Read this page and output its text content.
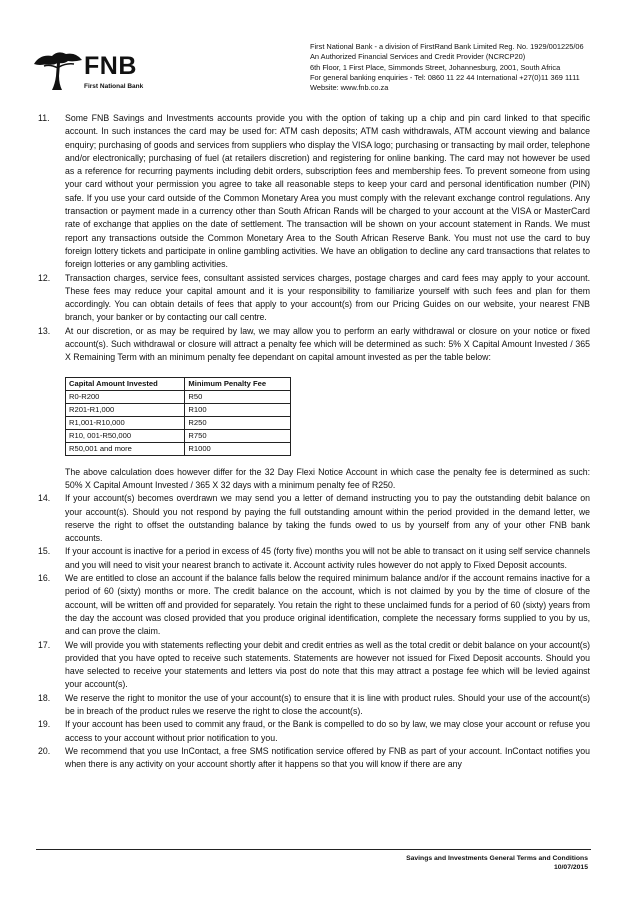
FNB
First National Bank
First National Bank - a division of FirstRand Bank Limited Reg. No. 1929/001225/06
An Authorized Financial Services and Credit Provider (NCRCP20)
6th Floor, 1 First Place, Simmonds Street, Johannesburg, 2001, South Africa
For general banking enquiries - Tel: 0860 11 22 44 International +27(0)11 369 1111
Website: www.fnb.co.za
11.	Some FNB Savings and Investments accounts provide you with the option of taking up a chip and pin card linked to that specific account. In such instances the card may be used for: ATM cash deposits; ATM cash withdrawals, ATM account viewing and balance enquiry; purchasing of goods and services from suppliers who display the VISA logo; purchasing or transacting by mail order, telephone and/or electronically; purchasing of fuel (at retailers discretion) and registering for online banking. The card may not however be used as a reference for recurring payments including debit orders, subscription fees and membership fees. To prevent someone from using your card without your permission you agree to take all reasonable steps to keep your card and personal identification number (PIN) safe. If you use your card outside of the Common Monetary Area you must comply with the relevant exchange control regulations. Any transaction or payment made in a currency other than South African Rands will be charged to your account at the VISA or MasterCard rate of exchange that applies on the date of settlement. The transaction will be shown on your account statement in Rands. We must report any transactions outside the Common Monetary Area to the South African Reserve Bank. You must not use the card to buy foreign lottery tickets and participate in online gambling activities. We have an obligation to decline any card transactions that relates to foreign lotteries or any gambling activities.
12.	Transaction charges, service fees, consultant assisted services charges, postage charges and card fees may apply to your account. These fees may reduce your capital amount and it is your responsibility to familiarize yourself with such fees and plan for them accordingly. You can obtain details of fees that apply to your account(s) from our Pricing Guides on our website, your nearest FNB branch, your banker or by contacting our call centre.
13.	At our discretion, or as may be required by law, we may allow you to perform an early withdrawal or closure on your notice or fixed account(s). Such withdrawal or closure will attract a penalty fee which will be determined as such: 5% X Capital Amount Invested / 365 X Remaining Term with an minimum penalty fee dependant on capital amount invested as per the table below:
Capital Amount Invested	Minimum Penalty Fee
R0-R200	R50
R201-R1,000	R100
R1,001-R10,000	R250
R10, 001-R50,000	R750
R50,001 and more	R1000
The above calculation does however differ for the 32 Day Flexi Notice Account in which case the penalty fee is determined as such: 50% X Capital Amount Invested / 365 X 32 days with a minimum penalty fee of R250.
14.	If your account(s) becomes overdrawn we may send you a letter of demand instructing you to pay the outstanding debit balance on your account(s). Should you not respond by paying the full outstanding amount within the period provided in the demand letter, we reserve the right to offset the outstanding balance by taking the funds owed to us by yourself from any of your other FNB bank accounts.
15.	If your account is inactive for a period in excess of 45 (forty five) months you will not be able to transact on it using self service channels and you will need to visit your nearest branch to activate it. Account activity rules however do not apply to Fixed Deposit accounts.
16.	We are entitled to close an account if the balance falls below the required minimum balance and/or if the account remains inactive for a period of 60 (sixty) months or more. The credit balance on the account, which is not claimed by you by the time of closure of the account, will be written off and provided for separately. You retain the right to these unclaimed funds for a period of 60 (sixty) years from the day the account was closed provided that you produce original identification, complete the necessary forms supplied to you by us, and can prove the claim.
17.	We will provide you with statements reflecting your debit and credit entries as well as the total credit or debit balance on your account(s) provided that you have opted to receive such statements. Statements are however not issued for Fixed Deposit accounts. Should you have selected to receive your statements and letters via post do note that this may attract a postage fee which will be levied against your account(s).
18.	We reserve the right to monitor the use of your account(s) to ensure that it is line with product rules. Should your use of the account(s) be in breach of the product rules we reserve the right to close the account(s).
19.	If your account has been used to commit any fraud, or the Bank is compelled to do so by law, we may close your account or refuse you access to your account without prior notification to you.
20.	We recommend that you use InContact, a free SMS notification service offered by FNB as part of your account. InContact notifies you when there is any activity on your account shortly after it happens so that you will know if there are any
Savings and Investments General Terms and Conditions
10/07/2015
